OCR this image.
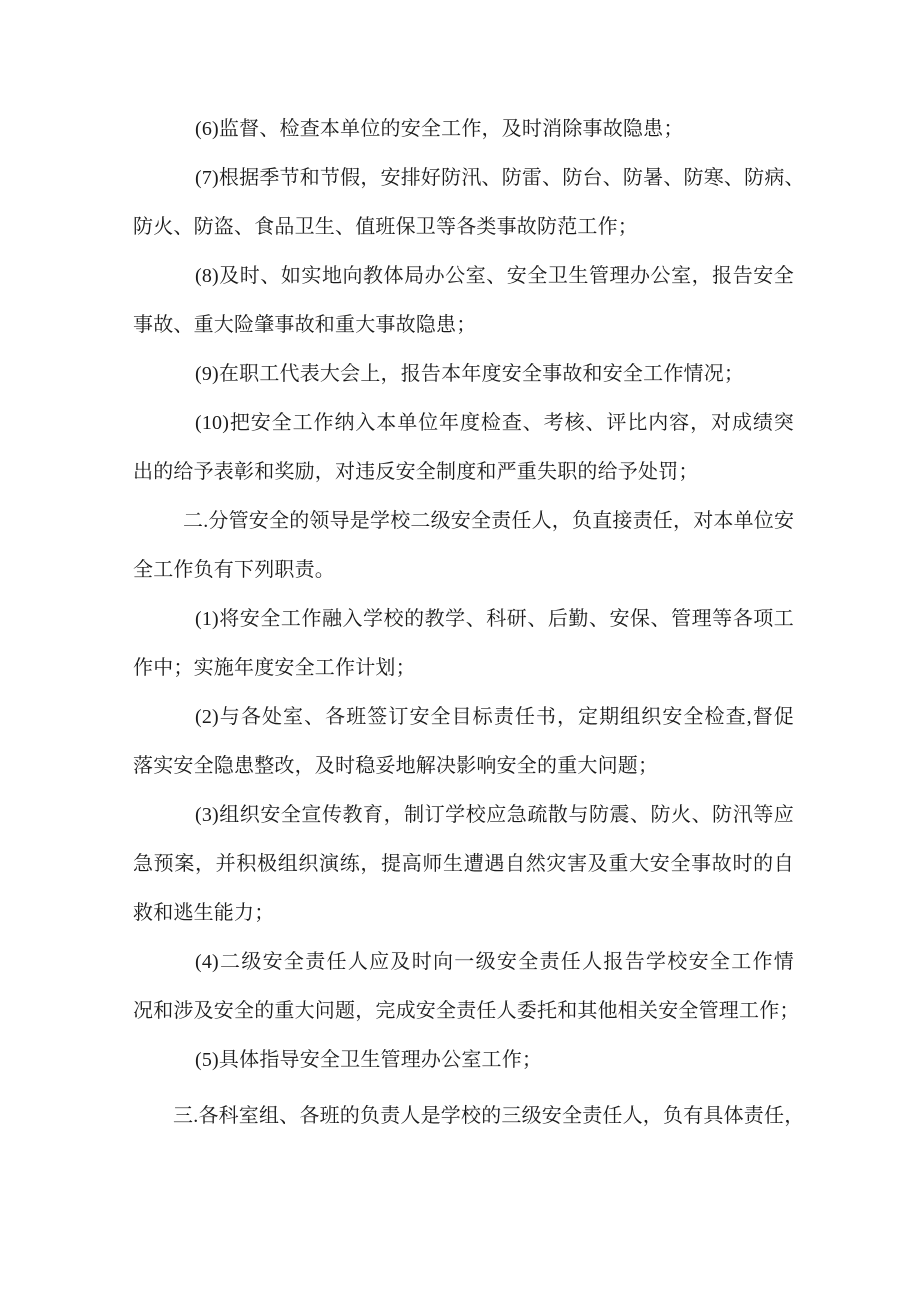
(6)监督、检查本单位的安全工作，及时消除事故隐患；
(7)根据季节和节假，安排好防汛、防雷、防台、防暑、防寒、防病、
防火、防盗、食品卫生、值班保卫等各类事故防范工作；
(8)及时、如实地向教体局办公室、安全卫生管理办公室，报告安全
事故、重大险肇事故和重大事故隐患；
(9)在职工代表大会上，报告本年度安全事故和安全工作情况；
(10)把安全工作纳入本单位年度检查、考核、评比内容，对成绩突
出的给予表彰和奖励，对违反安全制度和严重失职的给予处罚；
二.分管安全的领导是学校二级安全责任人，负直接责任，对本单位安
全工作负有下列职责。
(1)将安全工作融入学校的教学、科研、后勤、安保、管理等各项工
作中；实施年度安全工作计划；
(2)与各处室、各班签订安全目标责任书，定期组织安全检查,督促
落实安全隐患整改，及时稳妥地解决影响安全的重大问题；
(3)组织安全宣传教育，制订学校应急疏散与防震、防火、防汛等应
急预案，并积极组织演练，提高师生遭遇自然灾害及重大安全事故时的自
救和逃生能力；
(4)二级安全责任人应及时向一级安全责任人报告学校安全工作情
况和涉及安全的重大问题，完成安全责任人委托和其他相关安全管理工作；
(5)具体指导安全卫生管理办公室工作；
三.各科室组、各班的负责人是学校的三级安全责任人，负有具体责任，
